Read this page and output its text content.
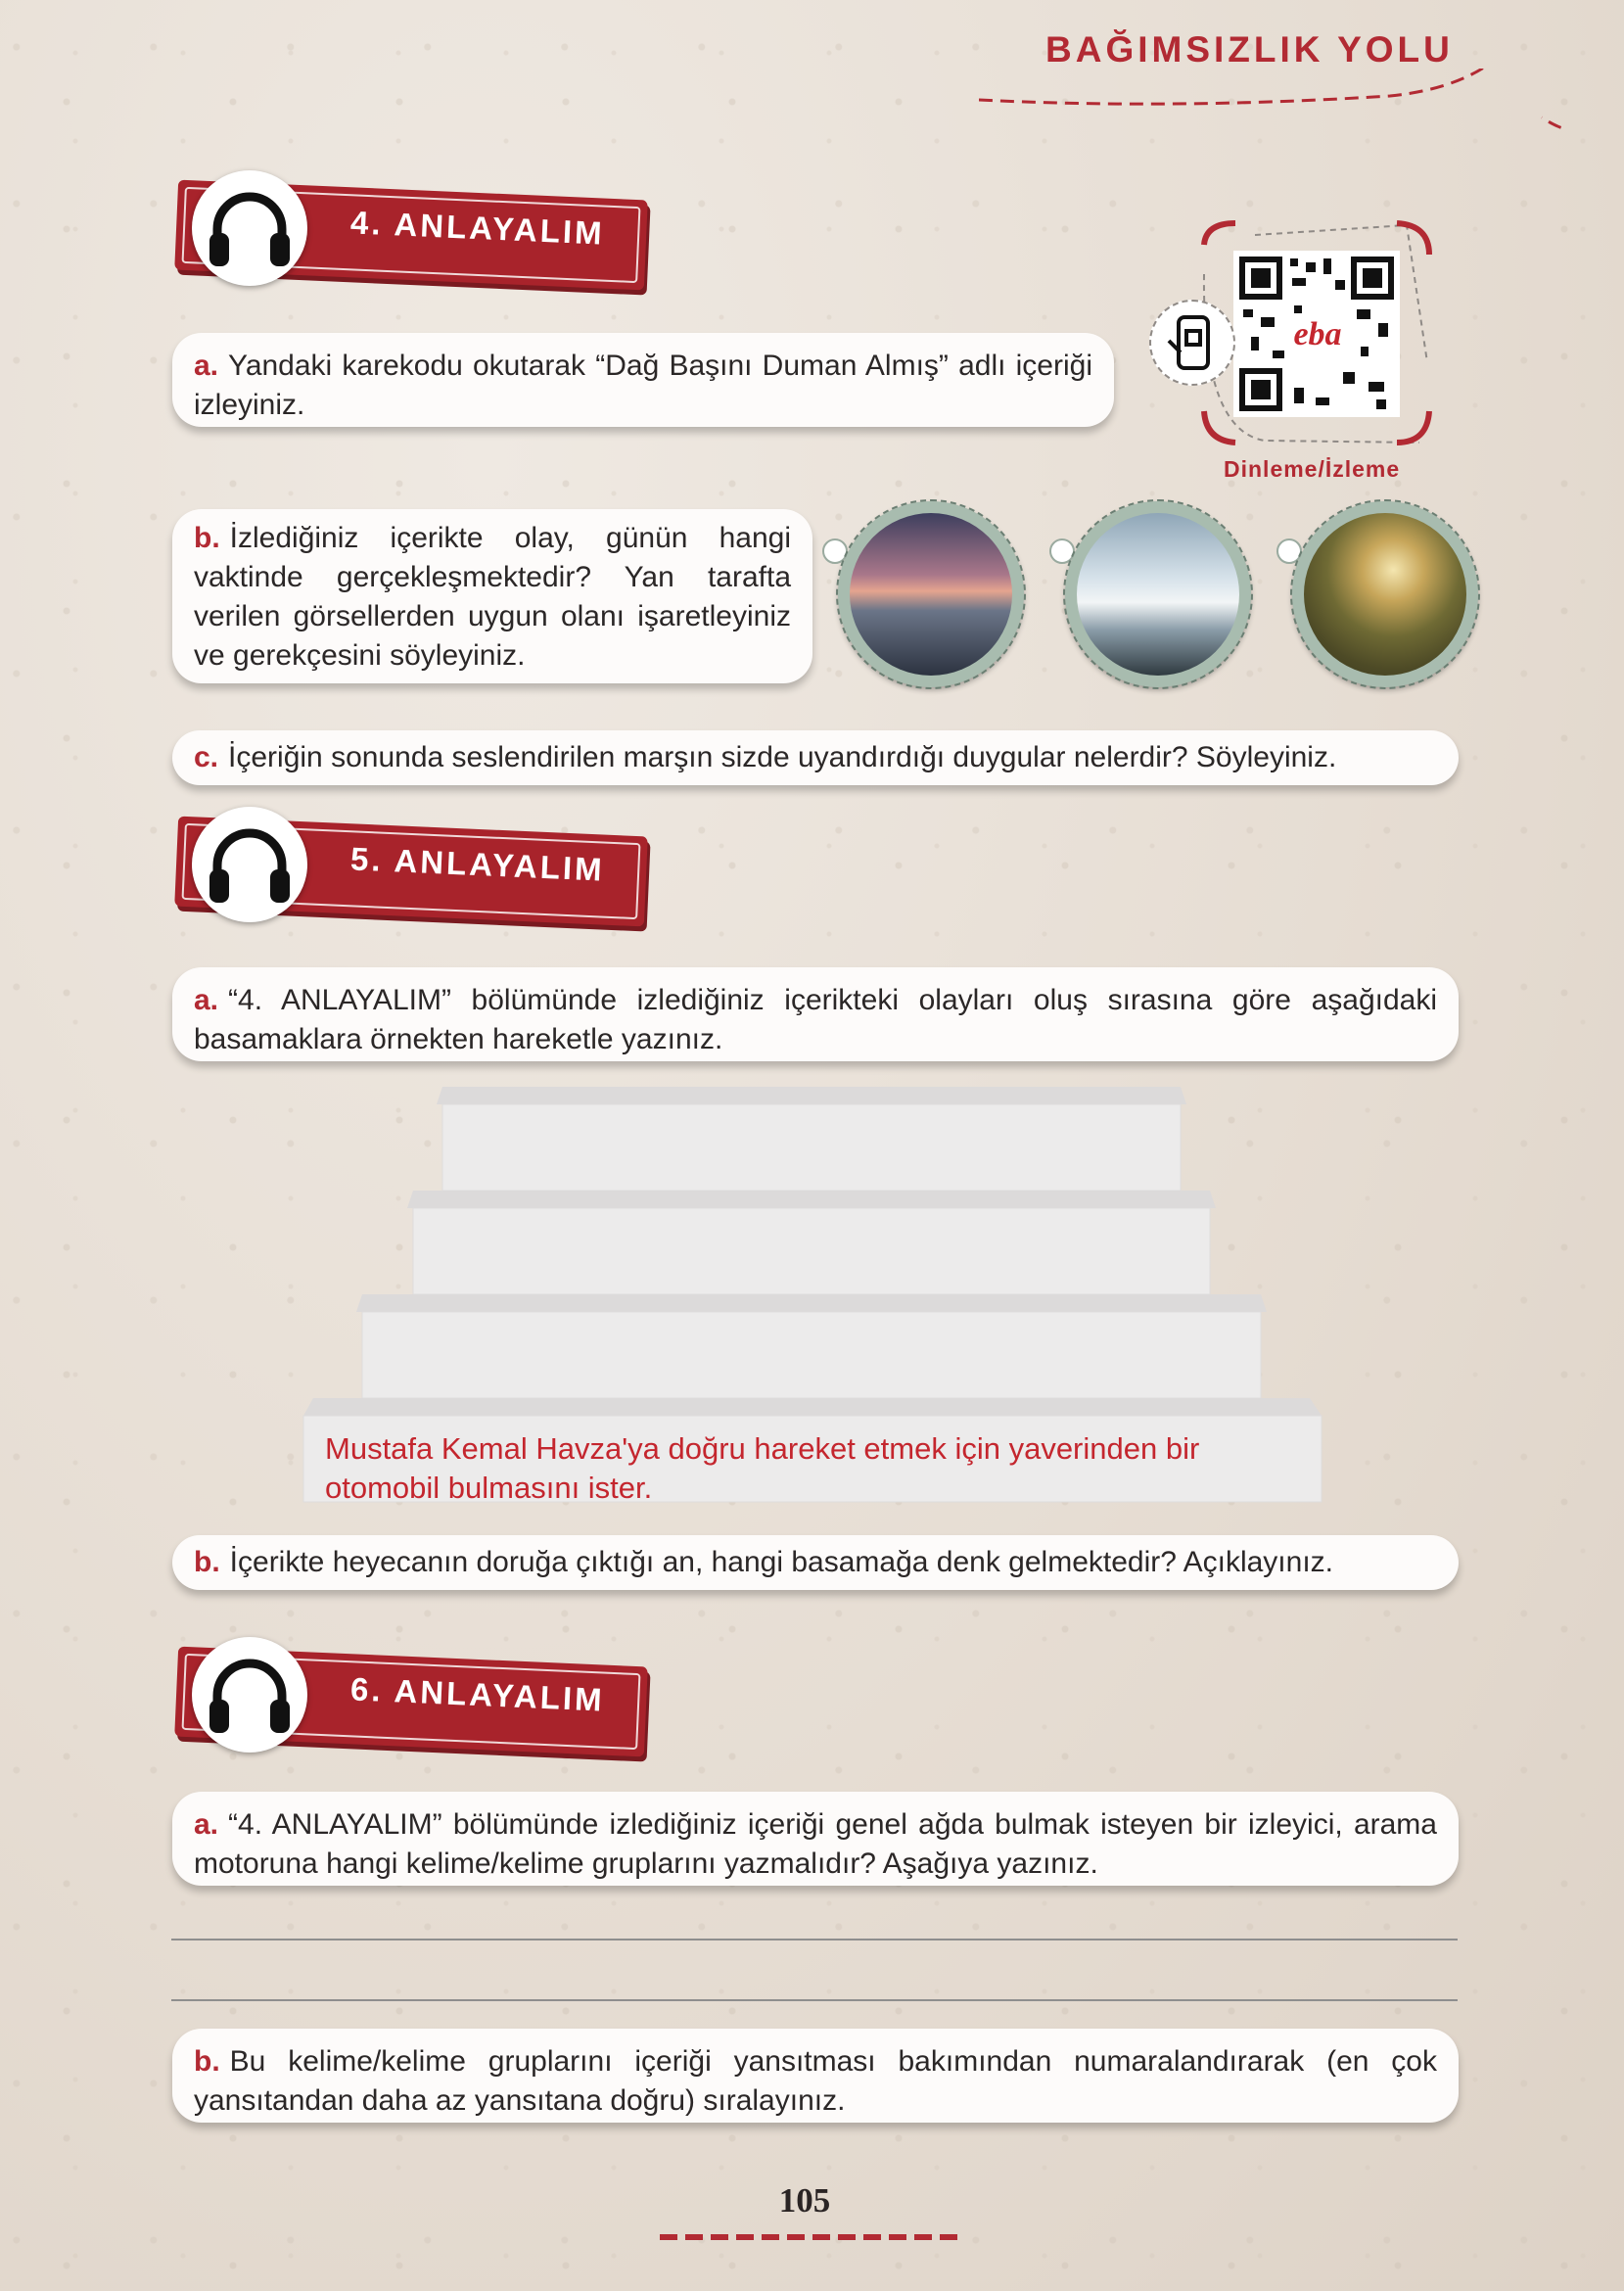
BAĞIMSIZLIK YOLU
4. ANLAYALIM
a. Yandaki karekodu okutarak “Dağ Başını Duman Almış” adlı içeriği izleyiniz.
eba
Dinleme/İzleme
b. İzlediğiniz içerikte olay, günün hangi vaktinde gerçekleşmektedir? Yan tarafta verilen görsellerden uygun olanı işaretleyiniz ve gerekçesini söyleyiniz.
c. İçeriğin sonunda seslendirilen marşın sizde uyandırdığı duygular nelerdir? Söyleyiniz.
5. ANLAYALIM
a. “4. ANLAYALIM” bölümünde izlediğiniz içerikteki olayları oluş sırasına göre aşağıdaki basamaklara örnekten hareketle yazınız.
Mustafa Kemal Havza'ya doğru hareket etmek için yaverinden bir otomobil bulmasını ister.
b. İçerikte heyecanın doruğa çıktığı an, hangi basamağa denk gelmektedir? Açıklayınız.
6. ANLAYALIM
a. “4. ANLAYALIM” bölümünde izlediğiniz içeriği genel ağda bulmak isteyen bir izleyici, arama motoruna hangi kelime/kelime gruplarını yazmalıdır? Aşağıya yazınız.
b. Bu kelime/kelime gruplarını içeriği yansıtması bakımından numaralandırarak (en çok yansıtandan daha az yansıtana doğru) sıralayınız.
105
